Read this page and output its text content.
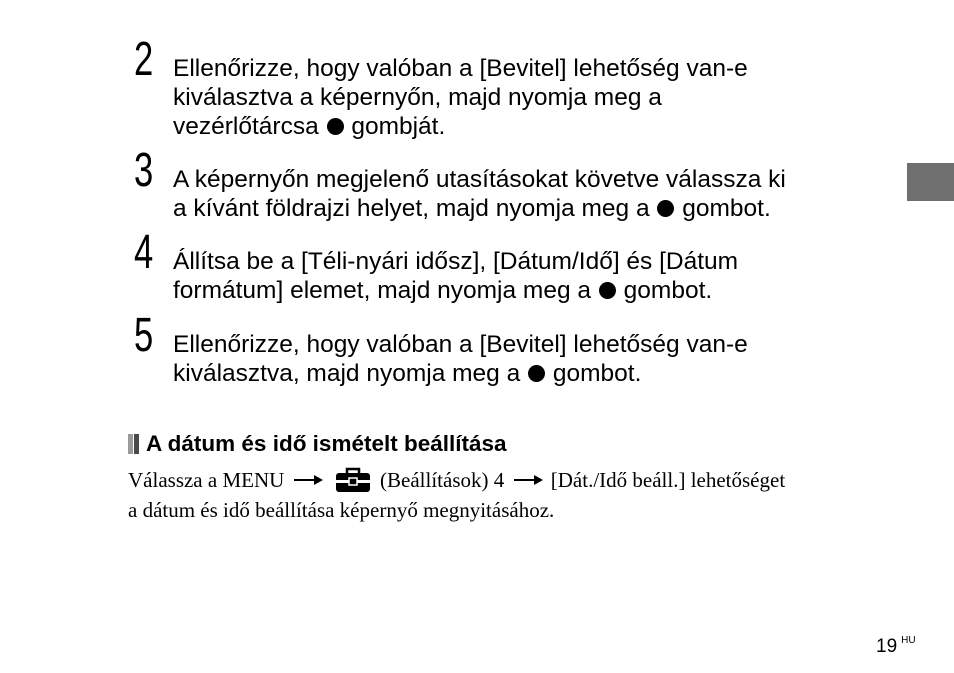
2 Ellenőrizze, hogy valóban a [Bevitel] lehetőség van-e
kiválasztva a képernyőn, majd nyomja meg a
vezérlőtárcsa gombját.
3 A képernyőn megjelenő utasításokat követve válassza ki
a kívánt földrajzi helyet, majd nyomja meg a gombot.
4 Állítsa be a [Téli-nyári idősz], [Dátum/Idő] és [Dátum
formátum] elemet, majd nyomja meg a gombot.
5 Ellenőrizze, hogy valóban a [Bevitel] lehetőség van-e
kiválasztva, majd nyomja meg a gombot.
A dátum és idő ismételt beállítása
Válassza a MENU	(Beállítások) 4 [Dát./Idő beáll.] lehetőséget
a dátum és idő beállítása képernyő megnyitásához.
19 $^{HU}$
